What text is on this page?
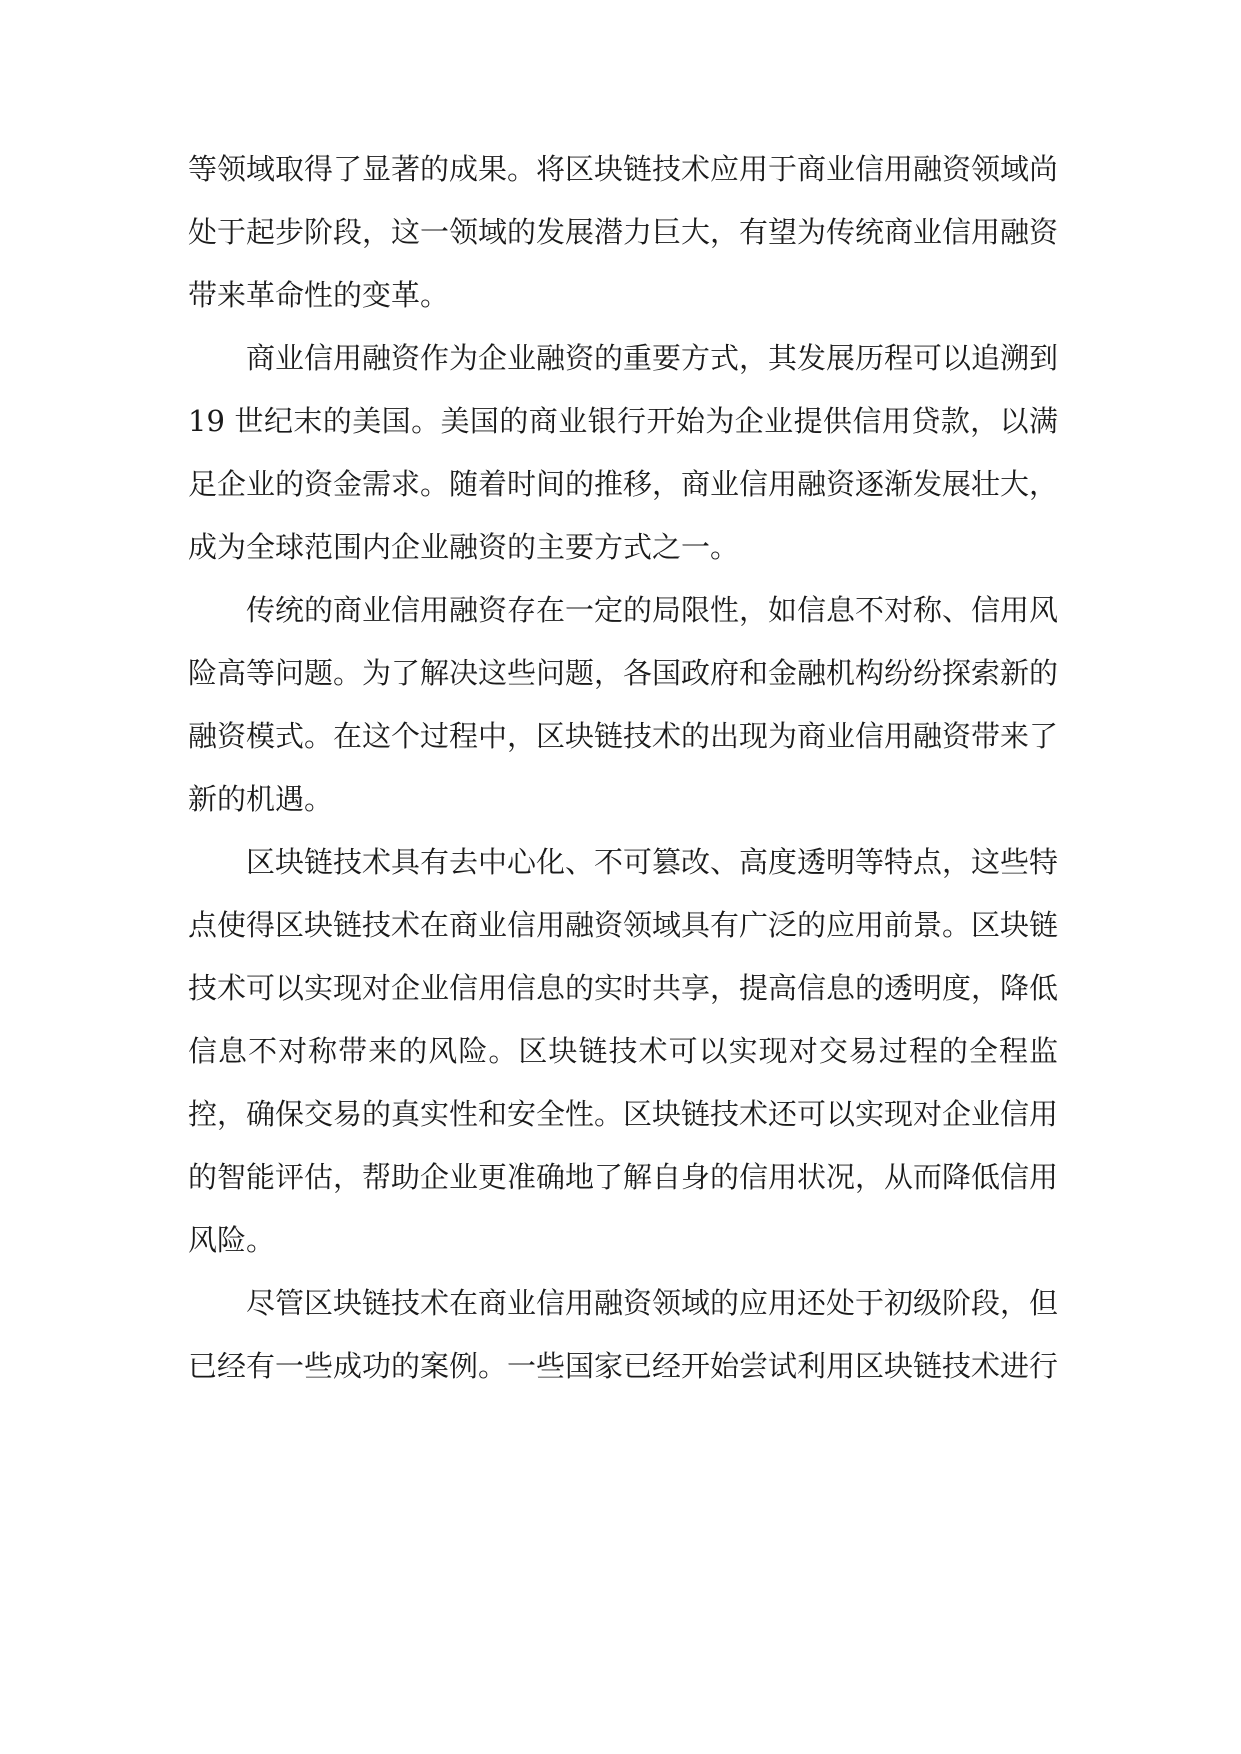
等领域取得了显著的成果。将区块链技术应用于商业信用融资领域尚处于起步阶段，这一领域的发展潜力巨大，有望为传统商业信用融资带来革命性的变革。

商业信用融资作为企业融资的重要方式，其发展历程可以追溯到19 世纪末的美国。美国的商业银行开始为企业提供信用贷款，以满足企业的资金需求。随着时间的推移，商业信用融资逐渐发展壮大，成为全球范围内企业融资的主要方式之一。

传统的商业信用融资存在一定的局限性，如信息不对称、信用风险高等问题。为了解决这些问题，各国政府和金融机构纷纷探索新的融资模式。在这个过程中，区块链技术的出现为商业信用融资带来了新的机遇。

区块链技术具有去中心化、不可篡改、高度透明等特点，这些特点使得区块链技术在商业信用融资领域具有广泛的应用前景。区块链技术可以实现对企业信用信息的实时共享，提高信息的透明度，降低信息不对称带来的风险。区块链技术可以实现对交易过程的全程监控，确保交易的真实性和安全性。区块链技术还可以实现对企业信用的智能评估，帮助企业更准确地了解自身的信用状况，从而降低信用风险。

尽管区块链技术在商业信用融资领域的应用还处于初级阶段，但已经有一些成功的案例。一些国家已经开始尝试利用区块链技术进行
